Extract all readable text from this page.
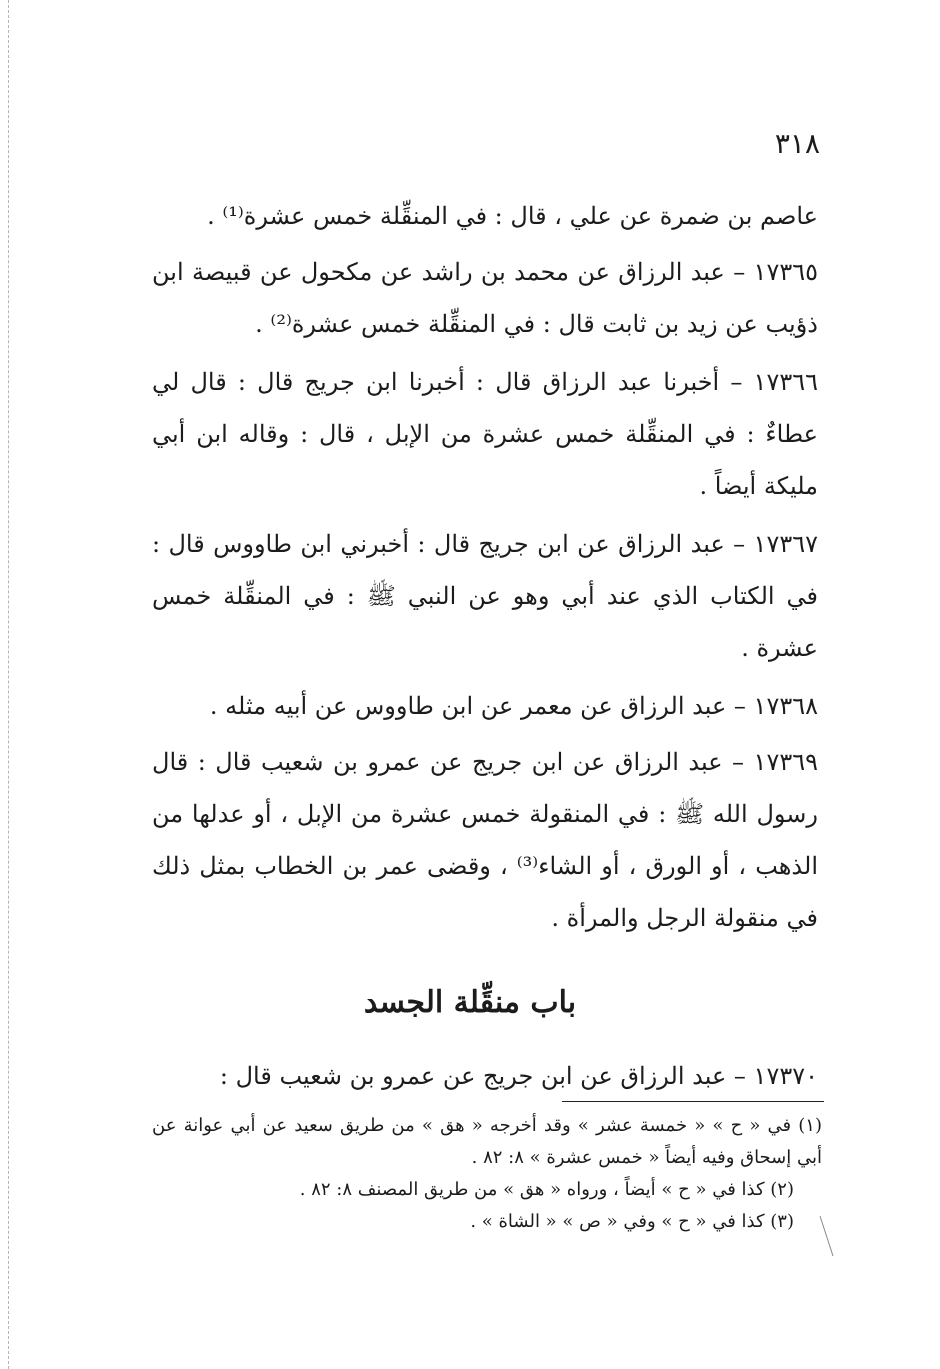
٣١٨

عاصم بن ضمرة عن علي ، قال : في المنقِّلة خمس عشرة⁽¹⁾ .

١٧٣٦٥ – عبد الرزاق عن محمد بن راشد عن مكحول عن قبيصة ابن ذؤيب عن زيد بن ثابت قال : في المنقِّلة خمس عشرة⁽²⁾ .

١٧٣٦٦ – أخبرنا عبد الرزاق قال : أخبرنا ابن جريج قال : قال لي عطاءٌ : في المنقِّلة خمس عشرة من الإبل ، قال : وقاله ابن أبي مليكة أيضاً .

١٧٣٦٧ – عبد الرزاق عن ابن جريج قال : أخبرني ابن طاووس قال : في الكتاب الذي عند أبي وهو عن النبي ﷺ : في المنقِّلة خمس عشرة .

١٧٣٦٨ – عبد الرزاق عن معمر عن ابن طاووس عن أبيه مثله .

١٧٣٦٩ – عبد الرزاق عن ابن جريج عن عمرو بن شعيب قال : قال رسول الله ﷺ : في المنقولة خمس عشرة من الإبل ، أو عدلها من الذهب ، أو الورق ، أو الشاء⁽³⁾ ، وقضى عمر بن الخطاب بمثل ذلك في منقولة الرجل والمرأة .

باب منقِّلة الجسد

١٧٣٧٠ – عبد الرزاق عن ابن جريج عن عمرو بن شعيب قال :

(١) في « ح » « خمسة عشر » وقد أخرجه « هق » من طريق سعيد عن أبي عوانة عن أبي إسحاق وفيه أيضاً « خمس عشرة » ٨: ٨٢ .

(٢) كذا في « ح » أيضاً ، ورواه « هق » من طريق المصنف ٨: ٨٢ .

(٣) كذا في « ح » وفي « ص » « الشاة » .
